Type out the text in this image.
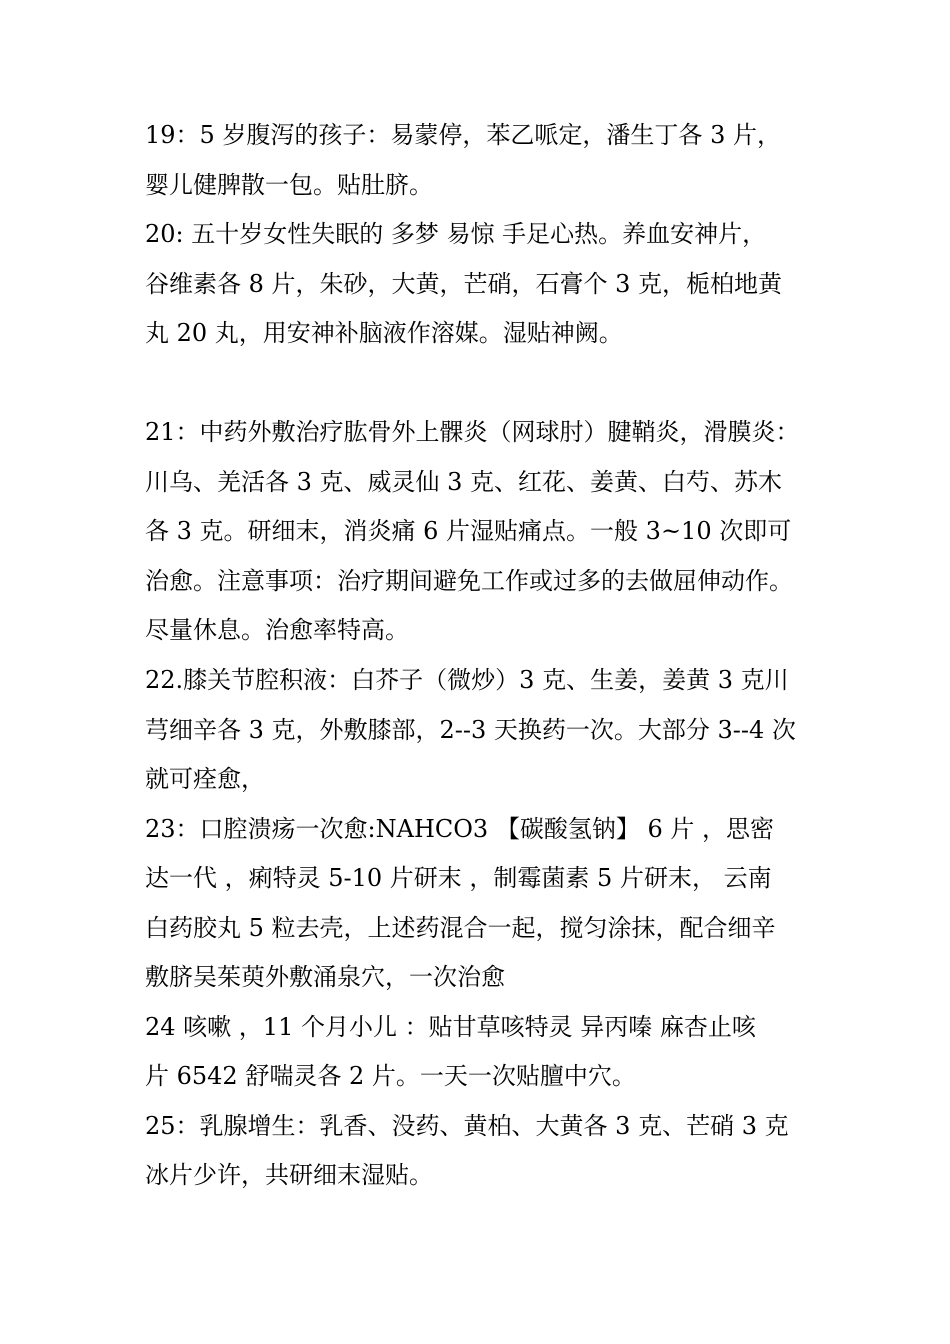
19：5 岁腹泻的孩子：易蒙停，苯乙哌定，潘生丁各 3 片，
婴儿健脾散一包。贴肚脐。
20: 五十岁女性失眠的 多梦 易惊 手足心热。养血安神片，
谷维素各 8 片，朱砂，大黄，芒硝，石膏个 3 克，栀柏地黄
丸 20 丸，用安神补脑液作溶媒。湿贴神阙。
21：中药外敷治疗肱骨外上髁炎（网球肘）腱鞘炎，滑膜炎：
川乌、羌活各 3 克、威灵仙 3 克、红花、姜黄、白芍、苏木
各 3 克。研细末，消炎痛 6 片湿贴痛点。一般 3~10 次即可
治愈。注意事项：治疗期间避免工作或过多的去做屈伸动作。
尽量休息。治愈率特高。
22.膝关节腔积液：白芥子（微炒）3 克、生姜，姜黄 3 克川
芎细辛各 3 克，外敷膝部，2--3 天换药一次。大部分 3--4 次
就可痊愈，
23：口腔溃疡一次愈:NAHCO3 【碳酸氢钠】 6 片 ，思密
达一代 ，痢特灵 5-10 片研末 ，制霉菌素 5 片研末， 云南
白药胶丸 5 粒去壳，上述药混合一起，搅匀涂抹，配合细辛
敷脐吴茱萸外敷涌泉穴，一次治愈
24 咳嗽 ，11 个月小儿 ：贴甘草咳特灵 异丙嗪 麻杏止咳
片 6542 舒喘灵各 2 片。一天一次贴膻中穴。
25：乳腺增生：乳香、没药、黄柏、大黄各 3 克、芒硝 3 克
冰片少许，共研细末湿贴。
